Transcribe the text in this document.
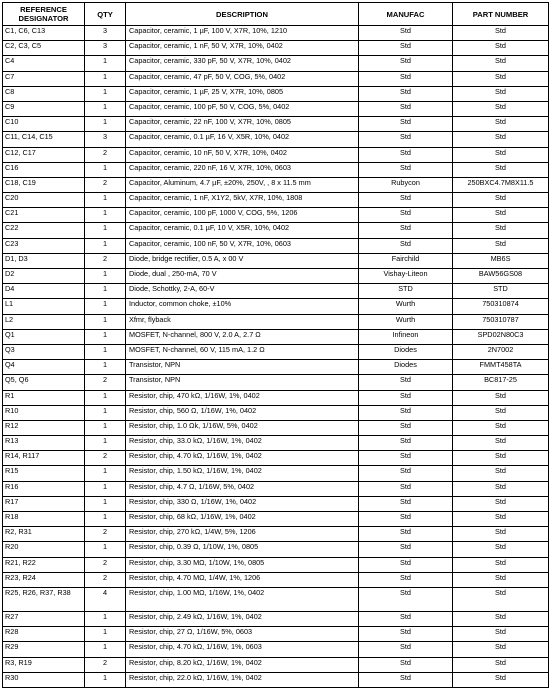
REFERENCE DESIGNATOR	QTY	DESCRIPTION	MANUFAC	PART NUMBER
C1, C6, C13	3	Capacitor, ceramic, 1 µF, 100 V, X7R, 10%, 1210	Std	Std
C2, C3, C5	3	Capacitor, ceramic, 1 nF, 50 V, X7R, 10%, 0402	Std	Std
C4	1	Capacitor, ceramic, 330 pF, 50 V, X7R, 10%, 0402	Std	Std
C7	1	Capacitor, ceramic, 47 pF, 50 V, COG, 5%, 0402	Std	Std
C8	1	Capacitor, ceramic, 1 µF, 25 V, X7R, 10%, 0805	Std	Std
C9	1	Capacitor, ceramic, 100 pF, 50 V, COG, 5%, 0402	Std	Std
C10	1	Capacitor, ceramic, 22 nF, 100 V, X7R, 10%, 0805	Std	Std
C11, C14, C15	3	Capacitor, ceramic, 0.1 µF, 16 V, X5R, 10%, 0402	Std	Std
C12, C17	2	Capacitor, ceramic, 10 nF, 50 V, X7R, 10%, 0402	Std	Std
C16	1	Capacitor, ceramic, 220 nF, 16 V, X7R, 10%, 0603	Std	Std
C18, C19	2	Capacitor, Aluminum, 4.7 µF, ±20%, 250V, , 8 x 11.5 mm	Rubycon	250BXC4.7M8X11.5
C20	1	Capacitor, ceramic, 1 nF, X1Y2, 5kV, X7R, 10%, 1808	Std	Std
C21	1	Capacitor, ceramic, 100 pF, 1000 V, COG, 5%, 1206	Std	Std
C22	1	Capacitor, ceramic, 0.1 µF, 10 V, X5R, 10%, 0402	Std	Std
C23	1	Capacitor, ceramic, 100 nF, 50 V, X7R, 10%, 0603	Std	Std
D1, D3	2	Diode, bridge rectifier, 0.5 A, x 00 V	Fairchild	MB6S
D2	1	Diode, dual , 250-mA, 70 V	Vishay-Liteon	BAW56GS08
D4	1	Diode, Schottky, 2-A, 60-V	STD	STD
L1	1	Inductor, common choke, ±10%	Wurth	750310874
L2	1	Xfmr, flyback	Wurth	750310787
Q1	1	MOSFET, N-channel, 800 V, 2.0 A, 2.7 Ω	Infineon	SPD02N80C3
Q3	1	MOSFET, N-channel, 60 V, 115 mA, 1.2 Ω	Diodes	2N7002
Q4	1	Transistor, NPN	Diodes	FMMT458TA
Q5, Q6	2	Transistor, NPN	Std	BC817-25
R1	1	Resistor, chip, 470 kΩ, 1/16W, 1%, 0402	Std	Std
R10	1	Resistor, chip, 560 Ω, 1/16W, 1%, 0402	Std	Std
R12	1	Resistor, chip, 1.0 Ωk, 1/16W, 5%, 0402	Std	Std
R13	1	Resistor, chip, 33.0 kΩ, 1/16W, 1%, 0402	Std	Std
R14, R117	2	Resistor, chip, 4.70 kΩ, 1/16W, 1%, 0402	Std	Std
R15	1	Resistor, chip, 1.50 kΩ, 1/16W, 1%, 0402	Std	Std
R16	1	Resistor, chip, 4.7 Ω, 1/16W, 5%, 0402	Std	Std
R17	1	Resistor, chip, 330 Ω, 1/16W, 1%, 0402	Std	Std
R18	1	Resistor, chip, 68 kΩ, 1/16W, 1%, 0402	Std	Std
R2, R31	2	Resistor, chip, 270 kΩ, 1/4W, 5%, 1206	Std	Std
R20	1	Resistor, chip, 0.39 Ω, 1/10W, 1%, 0805	Std	Std
R21, R22	2	Resistor, chip, 3.30 MΩ, 1/10W, 1%, 0805	Std	Std
R23, R24	2	Resistor, chip, 4.70 MΩ, 1/4W, 1%, 1206	Std	Std
R25, R26, R37, R38	4	Resistor, chip, 1.00 MΩ, 1/16W, 1%, 0402	Std	Std
R27	1	Resistor, chip, 2.49 kΩ, 1/16W, 1%, 0402	Std	Std
R28	1	Resistor, chip, 27 Ω, 1/16W, 5%, 0603	Std	Std
R29	1	Resistor, chip, 4.70 kΩ, 1/16W, 1%, 0603	Std	Std
R3, R19	2	Resistor, chip, 8.20 kΩ, 1/16W, 1%, 0402	Std	Std
R30	1	Resistor, chip, 22.0 kΩ, 1/16W, 1%, 0402	Std	Std
